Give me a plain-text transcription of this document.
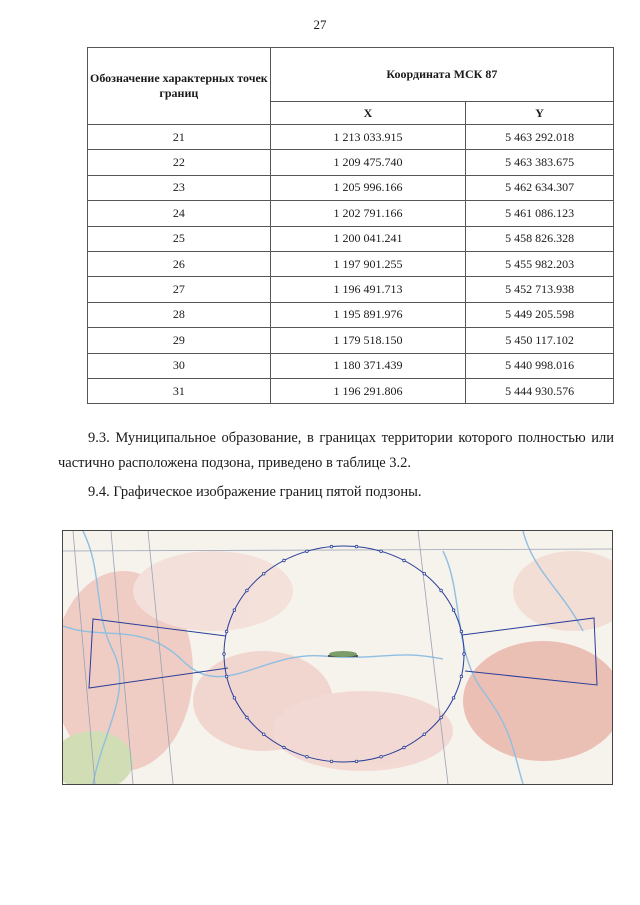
27
Обозначение характерных точек границ	Координата МСК 87	
	X	Y
21	1 213 033.915	5 463 292.018
22	1 209 475.740	5 463 383.675
23	1 205 996.166	5 462 634.307
24	1 202 791.166	5 461 086.123
25	1 200 041.241	5 458 826.328
26	1 197 901.255	5 455 982.203
27	1 196 491.713	5 452 713.938
28	1 195 891.976	5 449 205.598
29	1 179 518.150	5 450 117.102
30	1 180 371.439	5 440 998.016
31	1 196 291.806	5 444 930.576
9.3. Муниципальное образование, в границах территории которого полностью или частично расположена подзона, приведено в таблице 3.2.
9.4. Графическое изображение границ пятой подзоны.
